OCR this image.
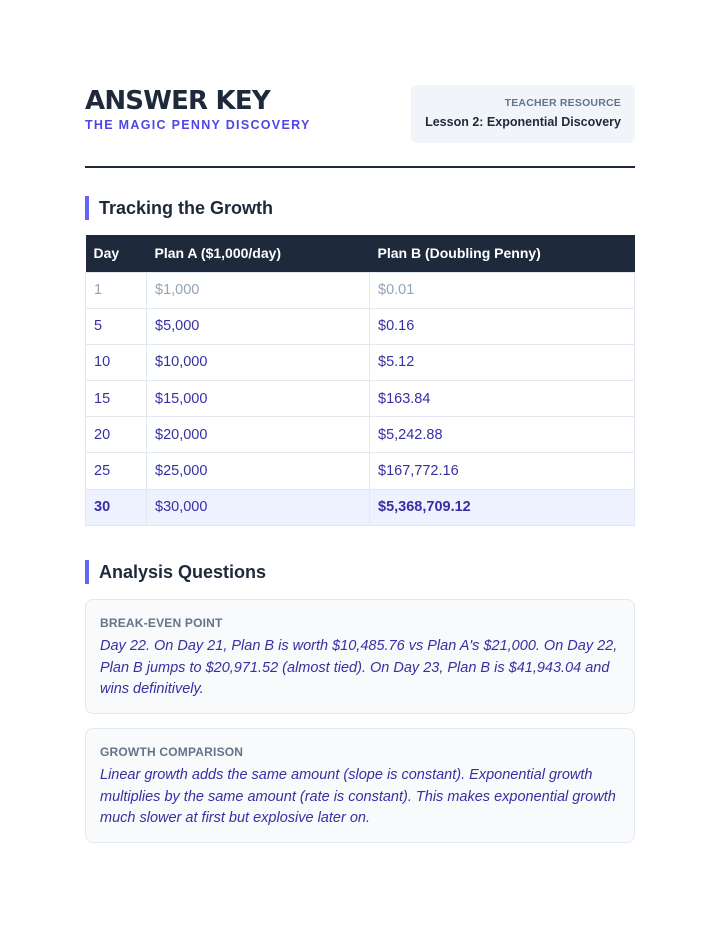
ANSWER KEY
THE MAGIC PENNY DISCOVERY
TEACHER RESOURCE
Lesson 2: Exponential Discovery
Tracking the Growth
Day	Plan A ($1,000/day)	Plan B (Doubling Penny)
1	$1,000	$0.01
5	$5,000	$0.16
10	$10,000	$5.12
15	$15,000	$163.84
20	$20,000	$5,242.88
25	$25,000	$167,772.16
30	$30,000	$5,368,709.12
Analysis Questions
BREAK-EVEN POINT
Day 22. On Day 21, Plan B is worth $10,485.76 vs Plan A's $21,000. On Day 22, Plan B jumps to $20,971.52 (almost tied). On Day 23, Plan B is $41,943.04 and wins definitively.
GROWTH COMPARISON
Linear growth adds the same amount (slope is constant). Exponential growth multiplies by the same amount (rate is constant). This makes exponential growth much slower at first but explosive later on.
